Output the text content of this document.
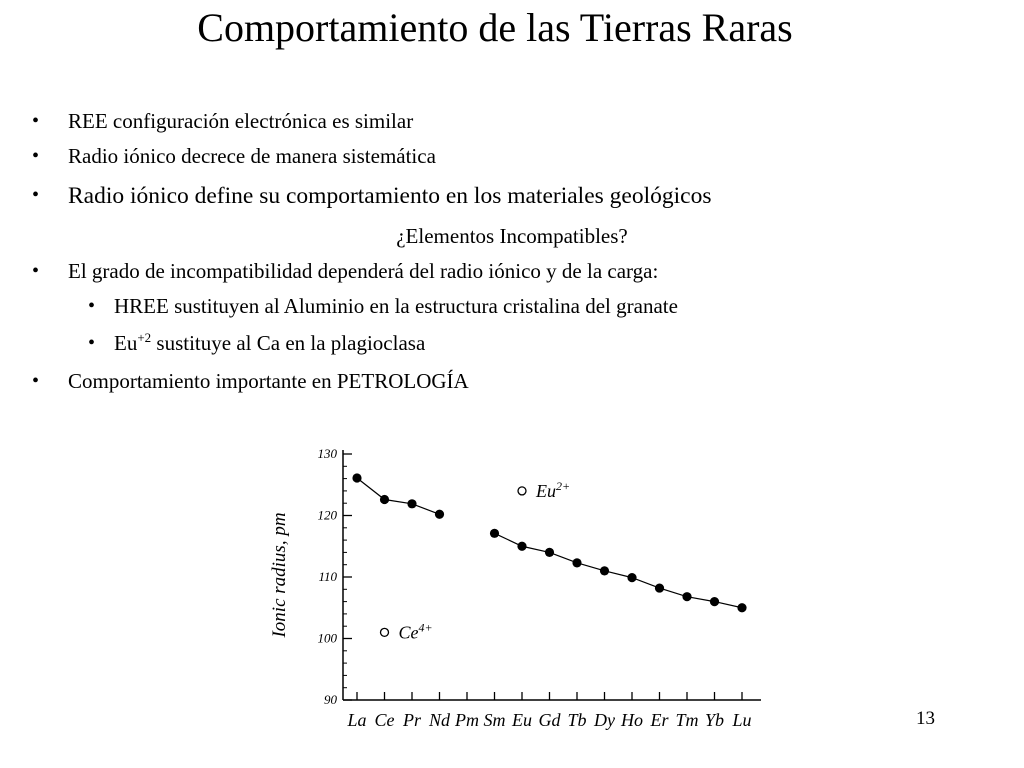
Comportamiento de las Tierras Raras
• REE configuración electrónica es similar
• Radio iónico decrece de manera sistemática
• Radio iónico define su comportamiento en los materiales geológicos
¿Elementos Incompatibles?
• El grado de incompatibilidad dependerá del radio iónico y de la carga:
• HREE sustituyen al Aluminio en la estructura cristalina del granate
• $Eu^{+2}$ sustituye al Ca en la plagioclasa
• Comportamiento importante en PETROLOGÍA
90
100
110
120
130
La Ce Pr Nd Pm Sm Eu Gd Tb Dy Ho Er Tm Yb Lu
$Eu^{2+}$
$Ce^{4+}$
Ionic radius, pm
13
